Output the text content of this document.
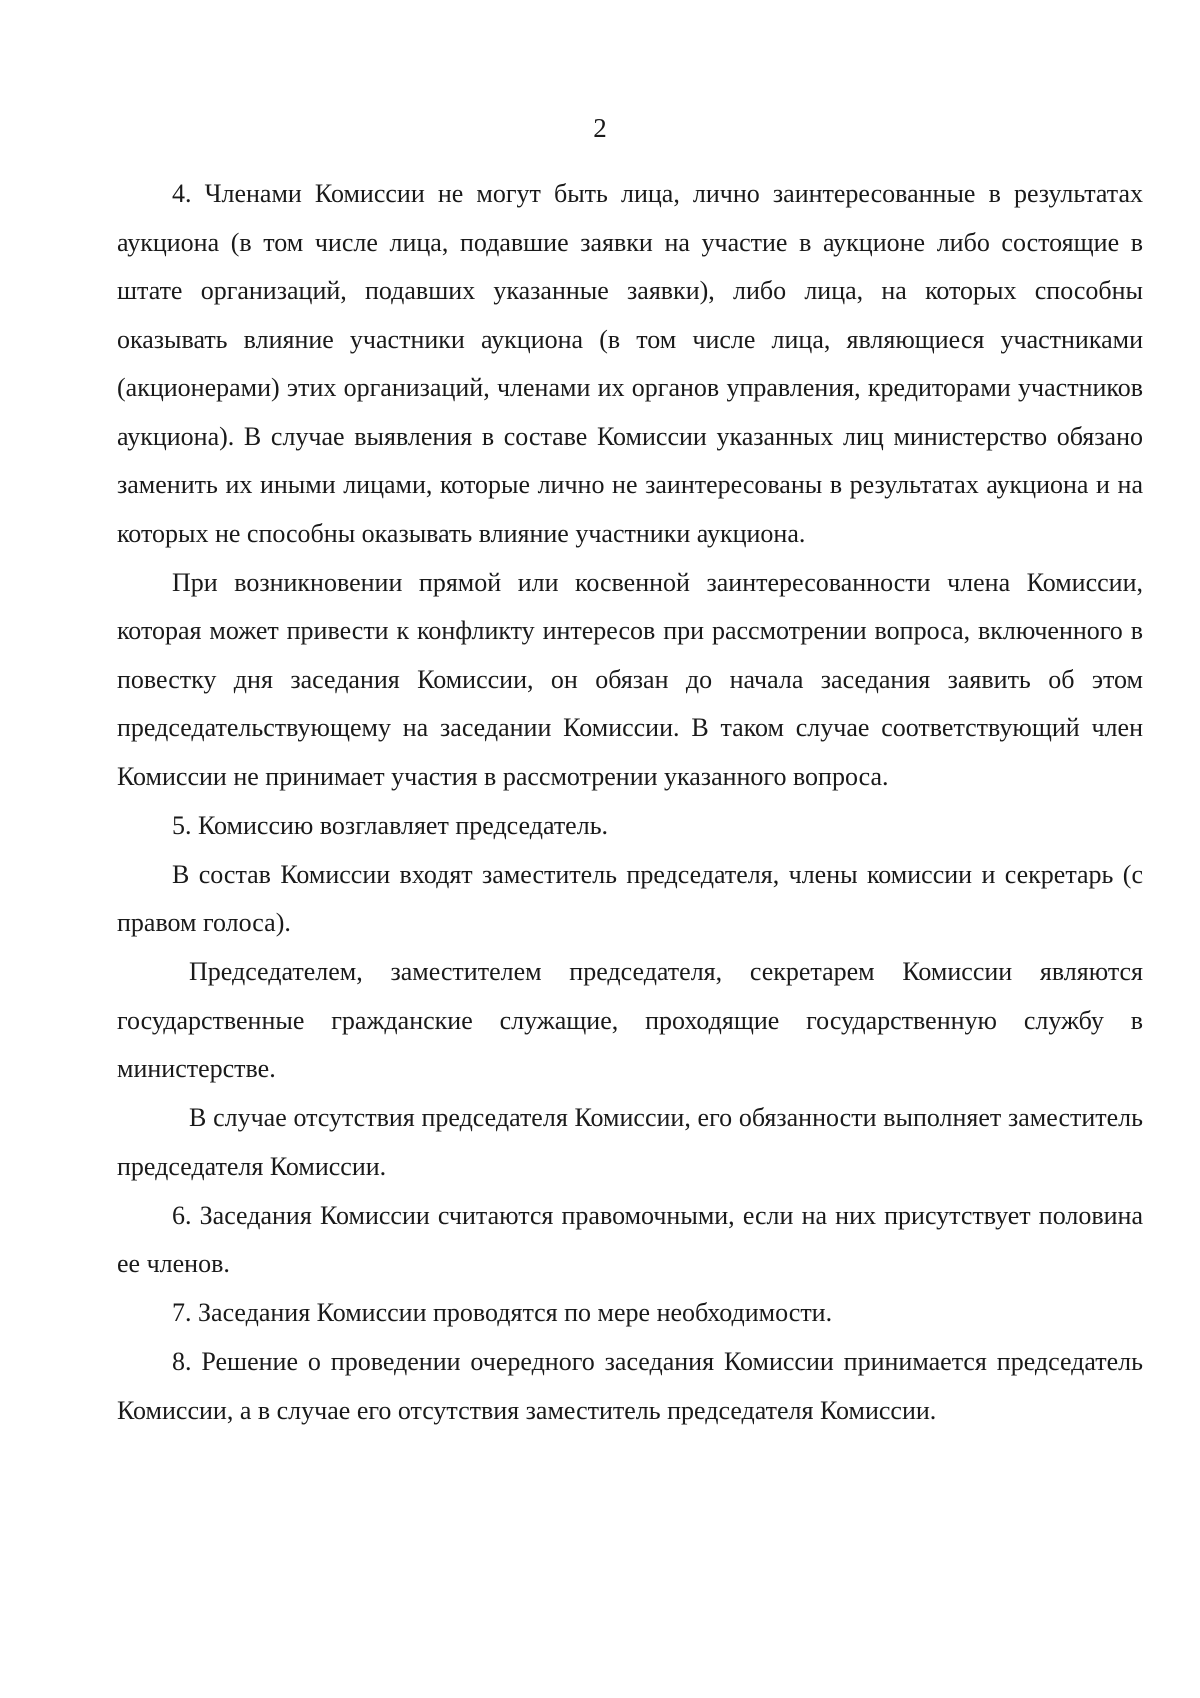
2

4. Членами Комиссии не могут быть лица, лично заинтересованные в результатах аукциона (в том числе лица, подавшие заявки на участие в аукционе либо состоящие в штате организаций, подавших указанные заявки), либо лица, на которых способны оказывать влияние участники аукциона (в том числе лица, являющиеся участниками (акционерами) этих организаций, членами их органов управления, кредиторами участников аукциона). В случае выявления в составе Комиссии указанных лиц министерство обязано заменить их иными лицами, которые лично не заинтересованы в результатах аукциона и на которых не способны оказывать влияние участники аукциона.

При возникновении прямой или косвенной заинтересованности члена Комиссии, которая может привести к конфликту интересов при рассмотрении вопроса, включенного в повестку дня заседания Комиссии, он обязан до начала заседания заявить об этом председательствующему на заседании Комиссии. В таком случае соответствующий член Комиссии не принимает участия в рассмотрении указанного вопроса.

5. Комиссию возглавляет председатель.

В состав Комиссии входят заместитель председателя, члены комиссии и секретарь (с правом голоса).

Председателем, заместителем председателя, секретарем Комиссии являются государственные гражданские служащие, проходящие государственную службу в министерстве.

В случае отсутствия председателя Комиссии, его обязанности выполняет заместитель председателя Комиссии.

6. Заседания Комиссии считаются правомочными, если на них присутствует половина ее членов.

7. Заседания Комиссии проводятся по мере необходимости.

8. Решение о проведении очередного заседания Комиссии принимается председатель Комиссии, а в случае его отсутствия заместитель председателя Комиссии.
